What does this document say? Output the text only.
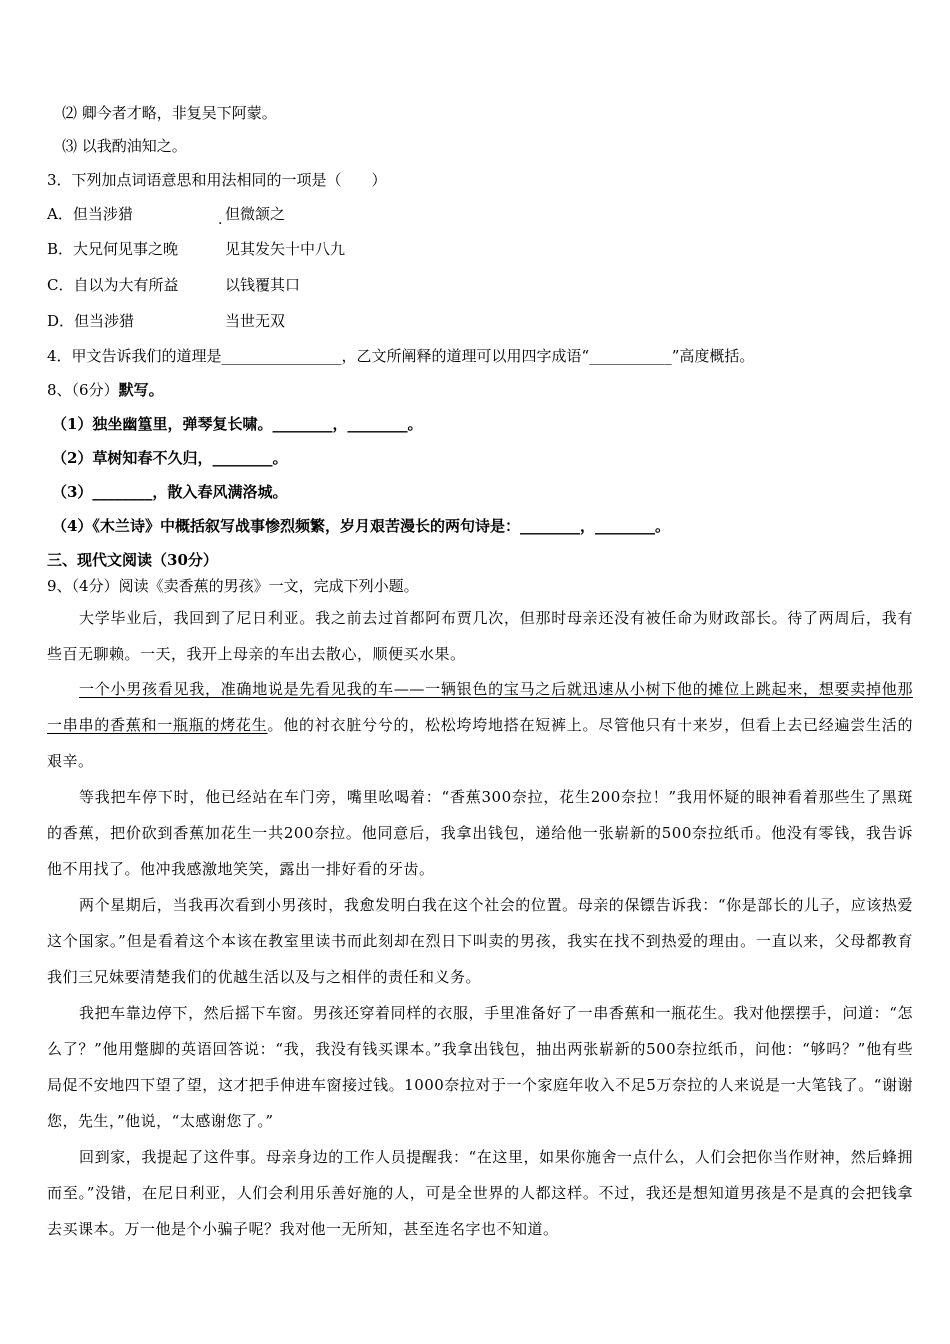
⑵ 卿今者才略，非复吴下阿蒙。
⑶ 以我酌油知之。
3．下列加点词语意思和用法相同的一项是（　　）
A．但当涉猎	但微颔之
.
B．大兄何见事之晚	见其发矢十中八九
C．自以为大有所益	以钱覆其口
D．但当涉猎	当世无双
4．甲文告诉我们的道理是________________，乙文所阐释的道理可以用四字成语“___________”高度概括。
8、（6分）默写。
（1）独坐幽篁里，弹琴复长啸。________，________。
（2）草树知春不久归，________。
（3）________，散入春风满洛城。
（4）《木兰诗》中概括叙写战事惨烈频繁，岁月艰苦漫长的两句诗是：________，________。
三、现代文阅读（30分）
9、（4分）阅读《卖香蕉的男孩》一文，完成下列小题。
大学毕业后，我回到了尼日利亚。我之前去过首都阿布贾几次，但那时母亲还没有被任命为财政部长。待了两周后，我有些百无聊赖。一天，我开上母亲的车出去散心，顺便买水果。
一个小男孩看见我，准确地说是先看见我的车——一辆银色的宝马之后就迅速从小树下他的摊位上跳起来，想要卖掉他那一串串的香蕉和一瓶瓶的烤花生。他的衬衣脏兮兮的，松松垮垮地搭在短裤上。尽管他只有十来岁，但看上去已经遍尝生活的艰辛。
等我把车停下时，他已经站在车门旁，嘴里吆喝着：“香蕉300奈拉，花生200奈拉！”我用怀疑的眼神看着那些生了黑斑的香蕉，把价砍到香蕉加花生一共200奈拉。他同意后，我拿出钱包，递给他一张崭新的500奈拉纸币。他没有零钱，我告诉他不用找了。他冲我感激地笑笑，露出一排好看的牙齿。
两个星期后，当我再次看到小男孩时，我愈发明白我在这个社会的位置。母亲的保镖告诉我：“你是部长的儿子，应该热爱这个国家。”但是看着这个本该在教室里读书而此刻却在烈日下叫卖的男孩，我实在找不到热爱的理由。一直以来，父母都教育我们三兄妹要清楚我们的优越生活以及与之相伴的责任和义务。
我把车靠边停下，然后摇下车窗。男孩还穿着同样的衣服，手里准备好了一串香蕉和一瓶花生。我对他摆摆手，问道：“怎么了？”他用蹩脚的英语回答说：“我，我没有钱买课本。”我拿出钱包，抽出两张崭新的500奈拉纸币，问他：“够吗？”他有些局促不安地四下望了望，这才把手伸进车窗接过钱。1000奈拉对于一个家庭年收入不足5万奈拉的人来说是一大笔钱了。“谢谢您，先生，”他说，“太感谢您了。”
回到家，我提起了这件事。母亲身边的工作人员提醒我：“在这里，如果你施舍一点什么，人们会把你当作财神，然后蜂拥而至。”没错，在尼日利亚，人们会利用乐善好施的人，可是全世界的人都这样。不过，我还是想知道男孩是不是真的会把钱拿去买课本。万一他是个小骗子呢？我对他一无所知，甚至连名字也不知道。
